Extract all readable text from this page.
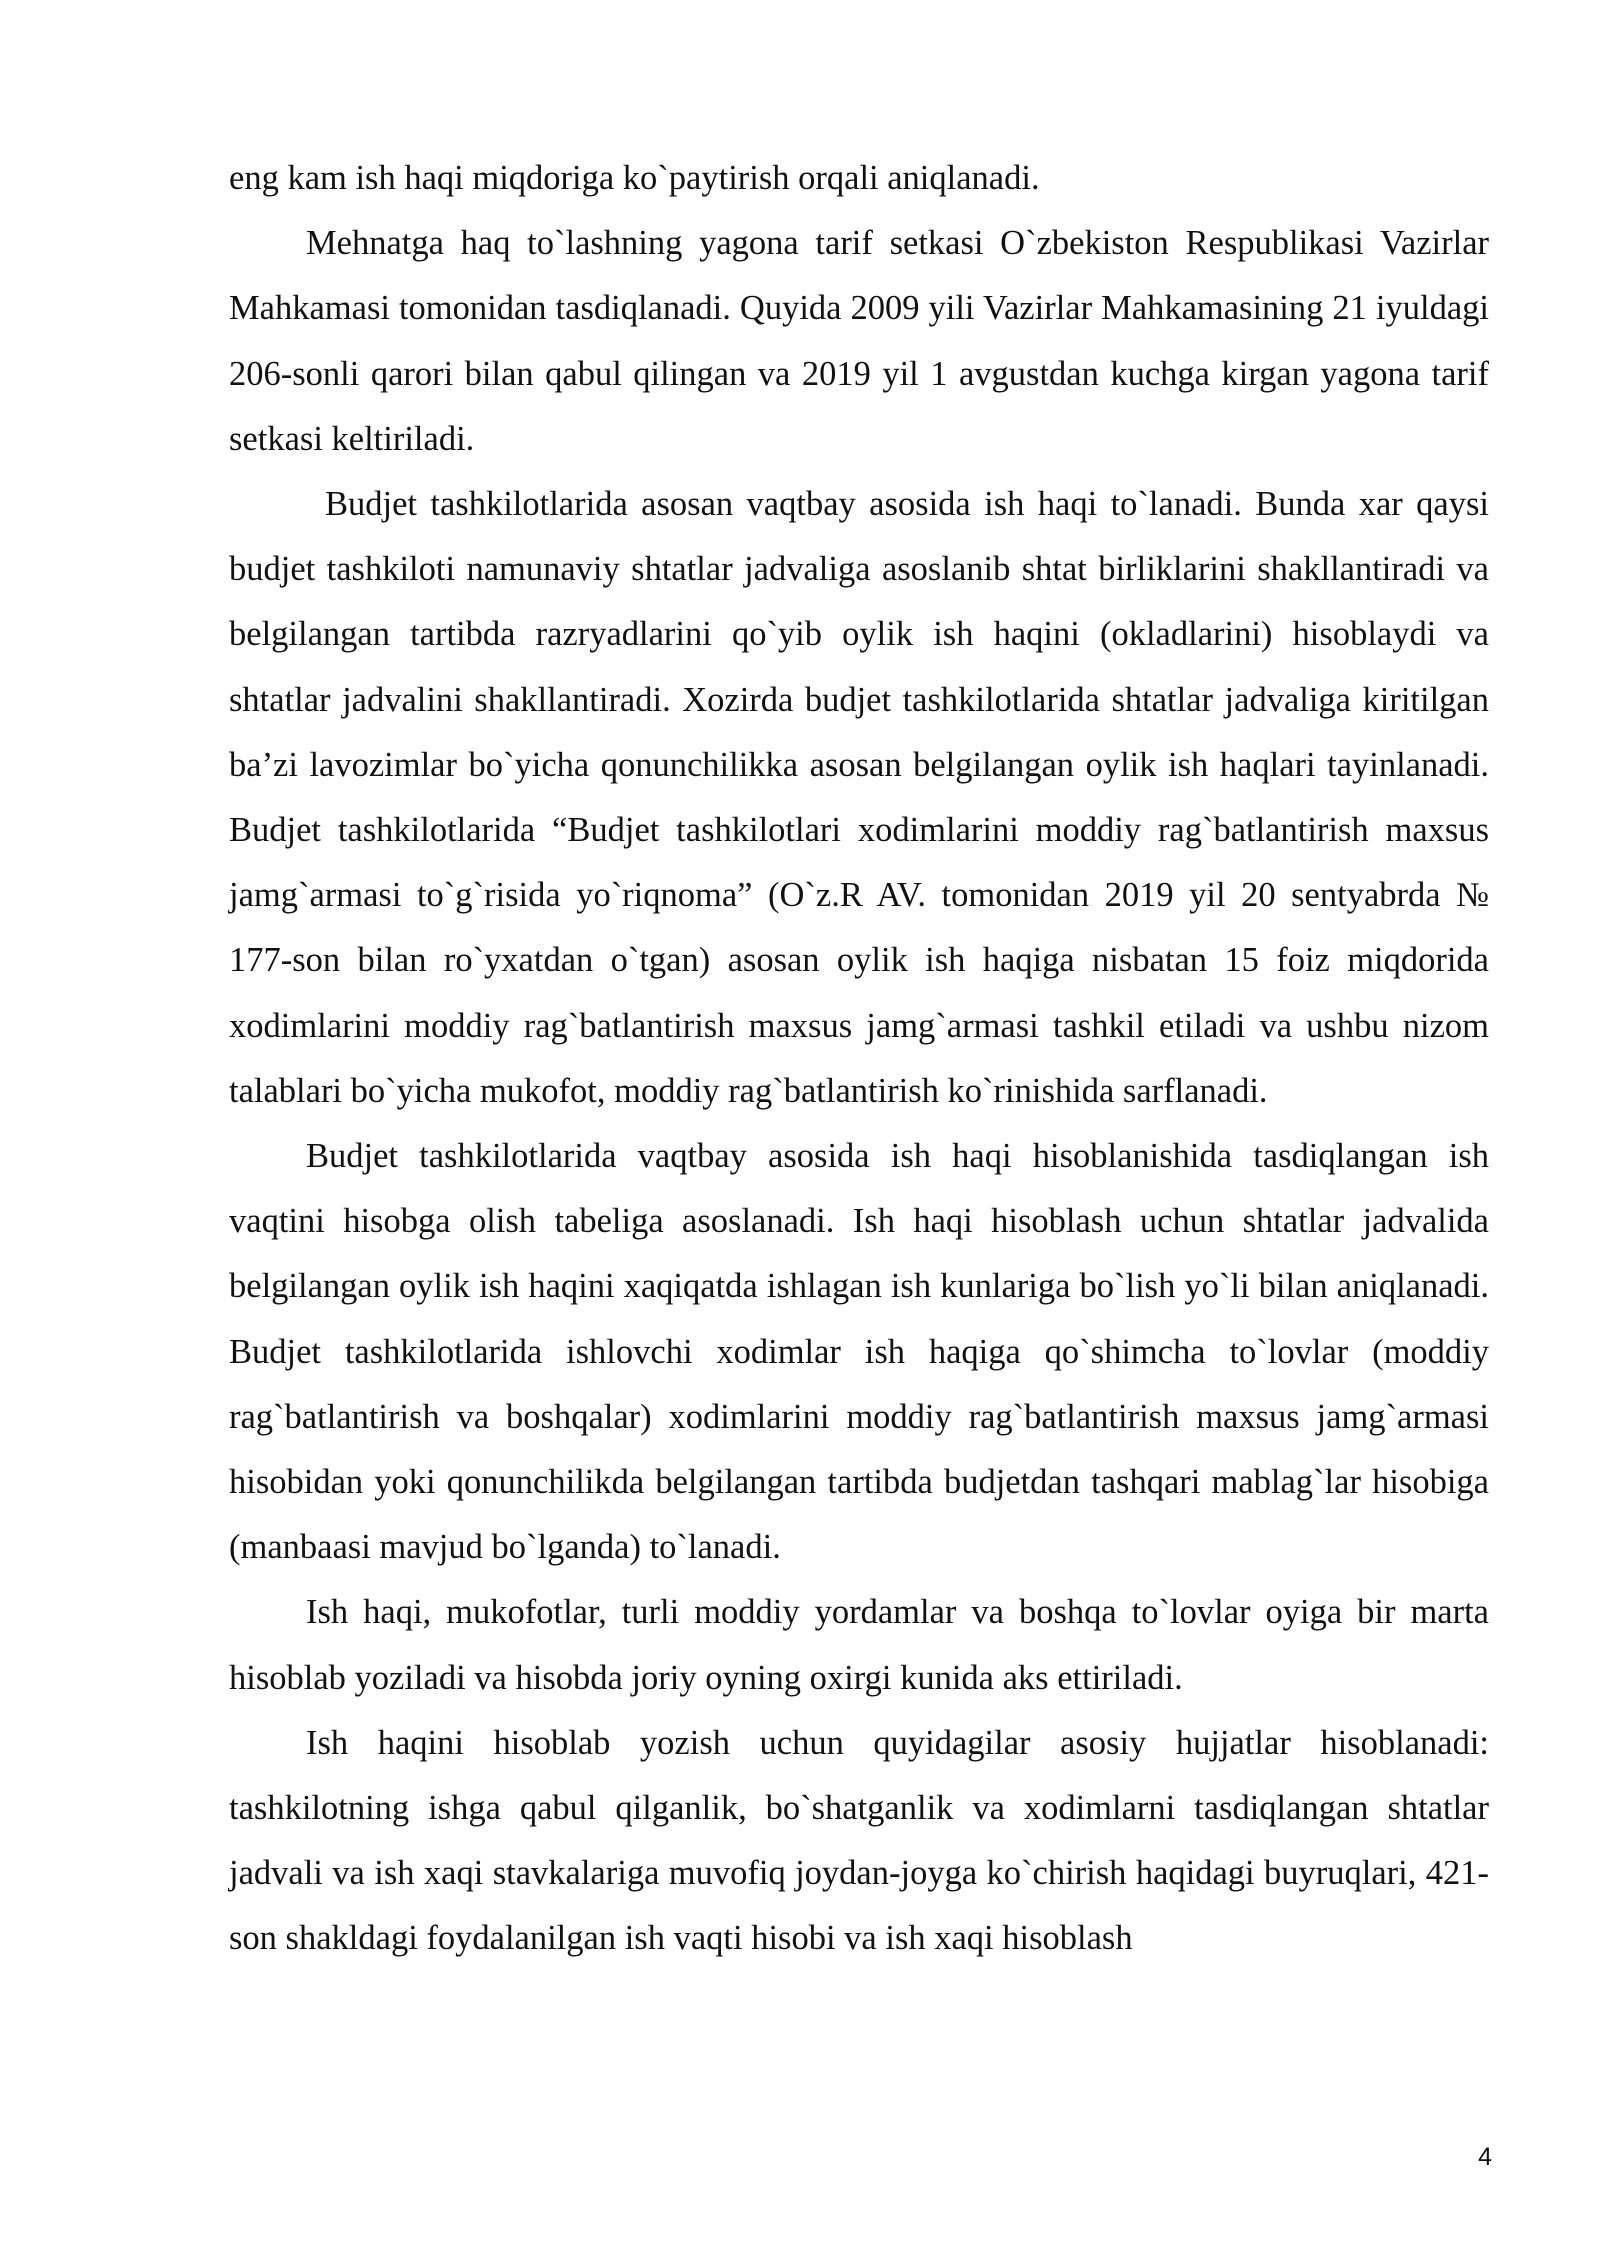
eng kam ish haqi miqdoriga ko`paytirish orqali aniqlanadi.

Mehnatga haq to`lashning yagona tarif setkasi O`zbekiston Respublikasi Vazirlar Mahkamasi tomonidan tasdiqlanadi. Quyida 2009 yili Vazirlar Mahkamasining 21 iyuldagi 206-sonli qarori bilan qabul qilingan va 2019 yil 1 avgustdan kuchga kirgan yagona tarif setkasi keltiriladi.

Budjet tashkilotlarida asosan vaqtbay asosida ish haqi to`lanadi. Bunda xar qaysi budjet tashkiloti namunaviy shtatlar jadvaliga asoslanib shtat birliklarini shakllantiradi va belgilangan tartibda razryadlarini qo`yib oylik ish haqini (okladlarini) hisoblaydi va shtatlar jadvalini shakllantiradi. Xozirda budjet tashkilotlarida shtatlar jadvaliga kiritilgan ba’zi lavozimlar bo`yicha qonunchilikka asosan belgilangan oylik ish haqlari tayinlanadi. Budjet tashkilotlarida “Budjet tashkilotlari xodimlarini moddiy rag`batlantirish maxsus jamg`armasi to`g`risida yo`riqnoma” (O`z.R AV. tomonidan 2019 yil 20 sentyabrda № 177-son bilan ro`yxatdan o`tgan) asosan oylik ish haqiga nisbatan 15 foiz miqdorida xodimlarini moddiy rag`batlantirish maxsus jamg`armasi tashkil etiladi va ushbu nizom talablari bo`yicha mukofot, moddiy rag`batlantirish ko`rinishida sarflanadi.

Budjet tashkilotlarida vaqtbay asosida ish haqi hisoblanishida tasdiqlangan ish vaqtini hisobga olish tabeliga asoslanadi. Ish haqi hisoblash uchun shtatlar jadvalida belgilangan oylik ish haqini xaqiqatda ishlagan ish kunlariga bo`lish yo`li bilan aniqlanadi. Budjet tashkilotlarida ishlovchi xodimlar ish haqiga qo`shimcha to`lovlar (moddiy rag`batlantirish va boshqalar) xodimlarini moddiy rag`batlantirish maxsus jamg`armasi hisobidan yoki qonunchilikda belgilangan tartibda budjetdan tashqari mablag`lar hisobiga (manbaasi mavjud bo`lganda) to`lanadi.

Ish haqi, mukofotlar, turli moddiy yordamlar va boshqa to`lovlar oyiga bir marta hisoblab yoziladi va hisobda joriy oyning oxirgi kunida aks ettiriladi.

Ish haqini hisoblab yozish uchun quyidagilar asosiy hujjatlar hisoblanadi: tashkilotning ishga qabul qilganlik, bo`shatganlik va xodimlarni tasdiqlangan shtatlar jadvali va ish xaqi stavkalariga muvofiq joydan-joyga ko`chirish haqidagi buyruqlari, 421-son shakldagi foydalanilgan ish vaqti hisobi va ish xaqi hisoblash

4
